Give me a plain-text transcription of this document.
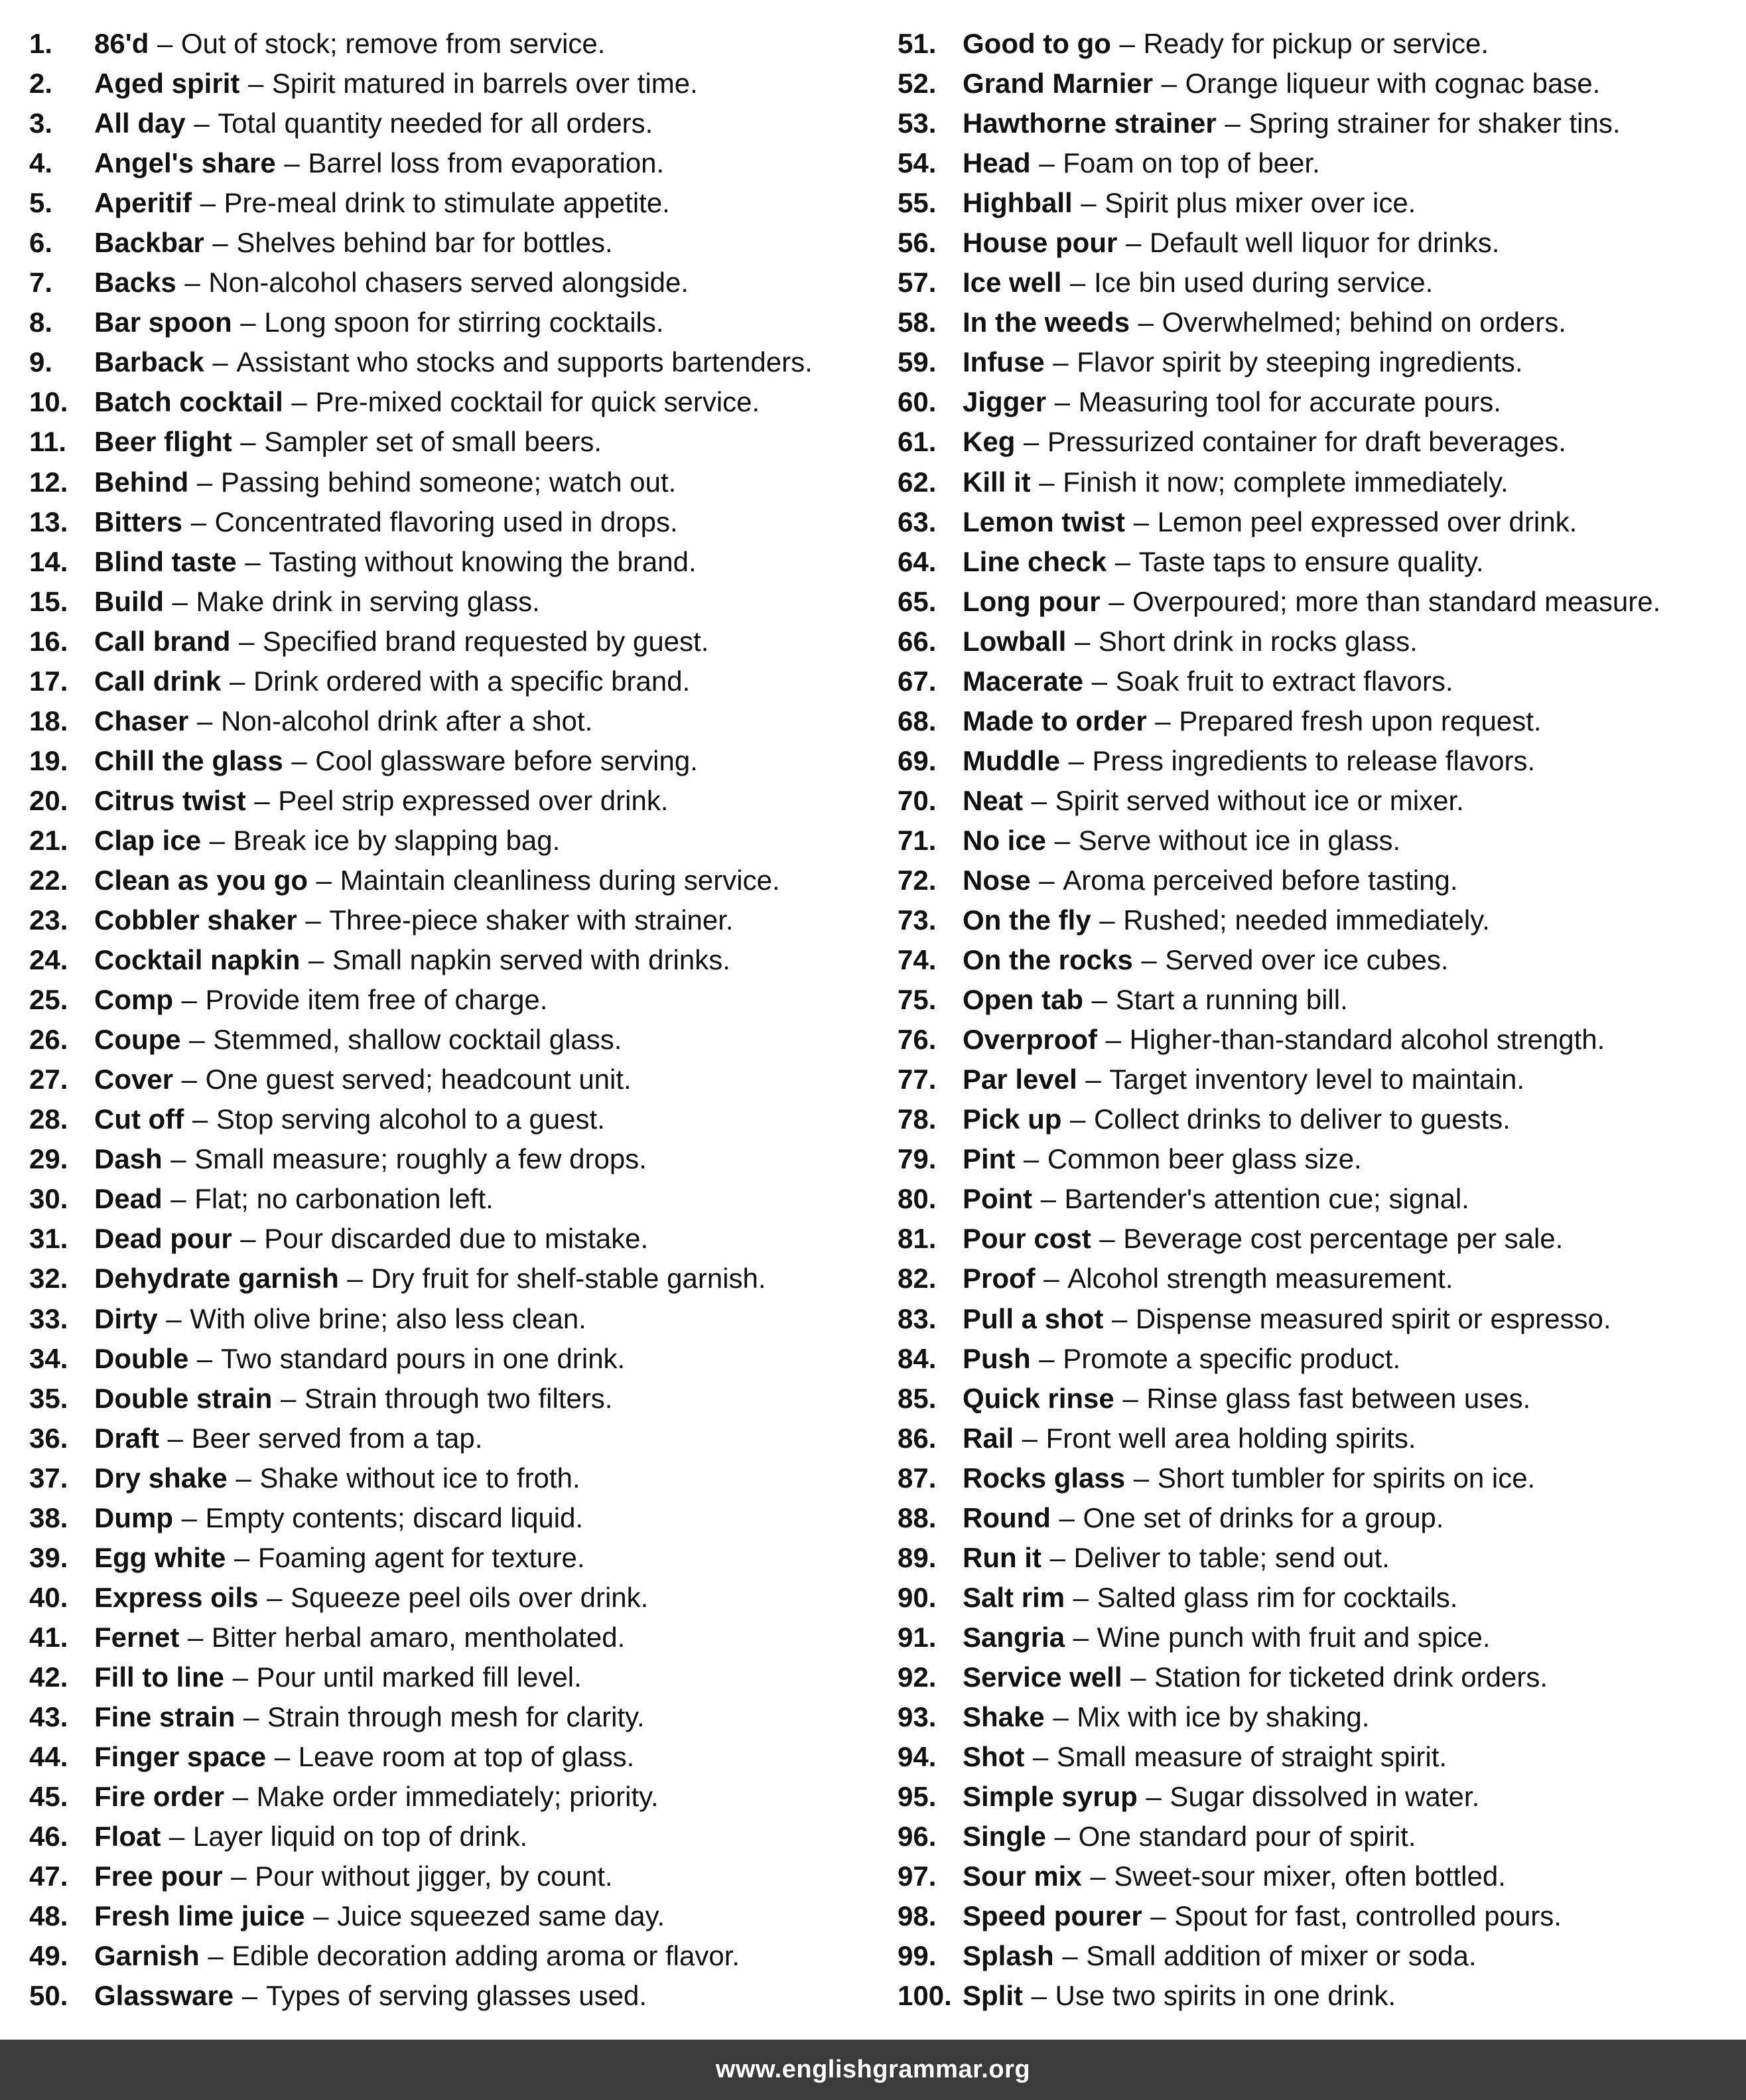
1.	86'd – Out of stock; remove from service.
2.	Aged spirit – Spirit matured in barrels over time.
3.	All day – Total quantity needed for all orders.
4.	Angel's share – Barrel loss from evaporation.
5.	Aperitif – Pre-meal drink to stimulate appetite.
6.	Backbar – Shelves behind bar for bottles.
7.	Backs – Non-alcohol chasers served alongside.
8.	Bar spoon – Long spoon for stirring cocktails.
9.	Barback – Assistant who stocks and supports bartenders.
10. Batch cocktail – Pre-mixed cocktail for quick service.
11. Beer flight – Sampler set of small beers.
12. Behind – Passing behind someone; watch out.
13. Bitters – Concentrated flavoring used in drops.
14. Blind taste – Tasting without knowing the brand.
15. Build – Make drink in serving glass.
16. Call brand – Specified brand requested by guest.
17. Call drink – Drink ordered with a specific brand.
18. Chaser – Non-alcohol drink after a shot.
19. Chill the glass – Cool glassware before serving.
20. Citrus twist – Peel strip expressed over drink.
21. Clap ice – Break ice by slapping bag.
22. Clean as you go – Maintain cleanliness during service.
23. Cobbler shaker – Three-piece shaker with strainer.
24. Cocktail napkin – Small napkin served with drinks.
25. Comp – Provide item free of charge.
26. Coupe – Stemmed, shallow cocktail glass.
27. Cover – One guest served; headcount unit.
28. Cut off – Stop serving alcohol to a guest.
29. Dash – Small measure; roughly a few drops.
30. Dead – Flat; no carbonation left.
31. Dead pour – Pour discarded due to mistake.
32. Dehydrate garnish – Dry fruit for shelf-stable garnish.
33. Dirty – With olive brine; also less clean.
34. Double – Two standard pours in one drink.
35. Double strain – Strain through two filters.
36. Draft – Beer served from a tap.
37. Dry shake – Shake without ice to froth.
38. Dump – Empty contents; discard liquid.
39. Egg white – Foaming agent for texture.
40. Express oils – Squeeze peel oils over drink.
41. Fernet – Bitter herbal amaro, mentholated.
42. Fill to line – Pour until marked fill level.
43. Fine strain – Strain through mesh for clarity.
44. Finger space – Leave room at top of glass.
45. Fire order – Make order immediately; priority.
46. Float – Layer liquid on top of drink.
47. Free pour – Pour without jigger, by count.
48. Fresh lime juice – Juice squeezed same day.
49. Garnish – Edible decoration adding aroma or flavor.
50. Glassware – Types of serving glasses used.
51. Good to go – Ready for pickup or service.
52. Grand Marnier – Orange liqueur with cognac base.
53. Hawthorne strainer – Spring strainer for shaker tins.
54. Head – Foam on top of beer.
55. Highball – Spirit plus mixer over ice.
56. House pour – Default well liquor for drinks.
57. Ice well – Ice bin used during service.
58. In the weeds – Overwhelmed; behind on orders.
59. Infuse – Flavor spirit by steeping ingredients.
60. Jigger – Measuring tool for accurate pours.
61. Keg – Pressurized container for draft beverages.
62. Kill it – Finish it now; complete immediately.
63. Lemon twist – Lemon peel expressed over drink.
64. Line check – Taste taps to ensure quality.
65. Long pour – Overpoured; more than standard measure.
66. Lowball – Short drink in rocks glass.
67. Macerate – Soak fruit to extract flavors.
68. Made to order – Prepared fresh upon request.
69. Muddle – Press ingredients to release flavors.
70. Neat – Spirit served without ice or mixer.
71. No ice – Serve without ice in glass.
72. Nose – Aroma perceived before tasting.
73. On the fly – Rushed; needed immediately.
74. On the rocks – Served over ice cubes.
75. Open tab – Start a running bill.
76. Overproof – Higher-than-standard alcohol strength.
77. Par level – Target inventory level to maintain.
78. Pick up – Collect drinks to deliver to guests.
79. Pint – Common beer glass size.
80. Point – Bartender's attention cue; signal.
81. Pour cost – Beverage cost percentage per sale.
82. Proof – Alcohol strength measurement.
83. Pull a shot – Dispense measured spirit or espresso.
84. Push – Promote a specific product.
85. Quick rinse – Rinse glass fast between uses.
86. Rail – Front well area holding spirits.
87. Rocks glass – Short tumbler for spirits on ice.
88. Round – One set of drinks for a group.
89. Run it – Deliver to table; send out.
90. Salt rim – Salted glass rim for cocktails.
91. Sangria – Wine punch with fruit and spice.
92. Service well – Station for ticketed drink orders.
93. Shake – Mix with ice by shaking.
94. Shot – Small measure of straight spirit.
95. Simple syrup – Sugar dissolved in water.
96. Single – One standard pour of spirit.
97. Sour mix – Sweet-sour mixer, often bottled.
98. Speed pourer – Spout for fast, controlled pours.
99. Splash – Small addition of mixer or soda.
100. Split – Use two spirits in one drink.
www.englishgrammar.org
